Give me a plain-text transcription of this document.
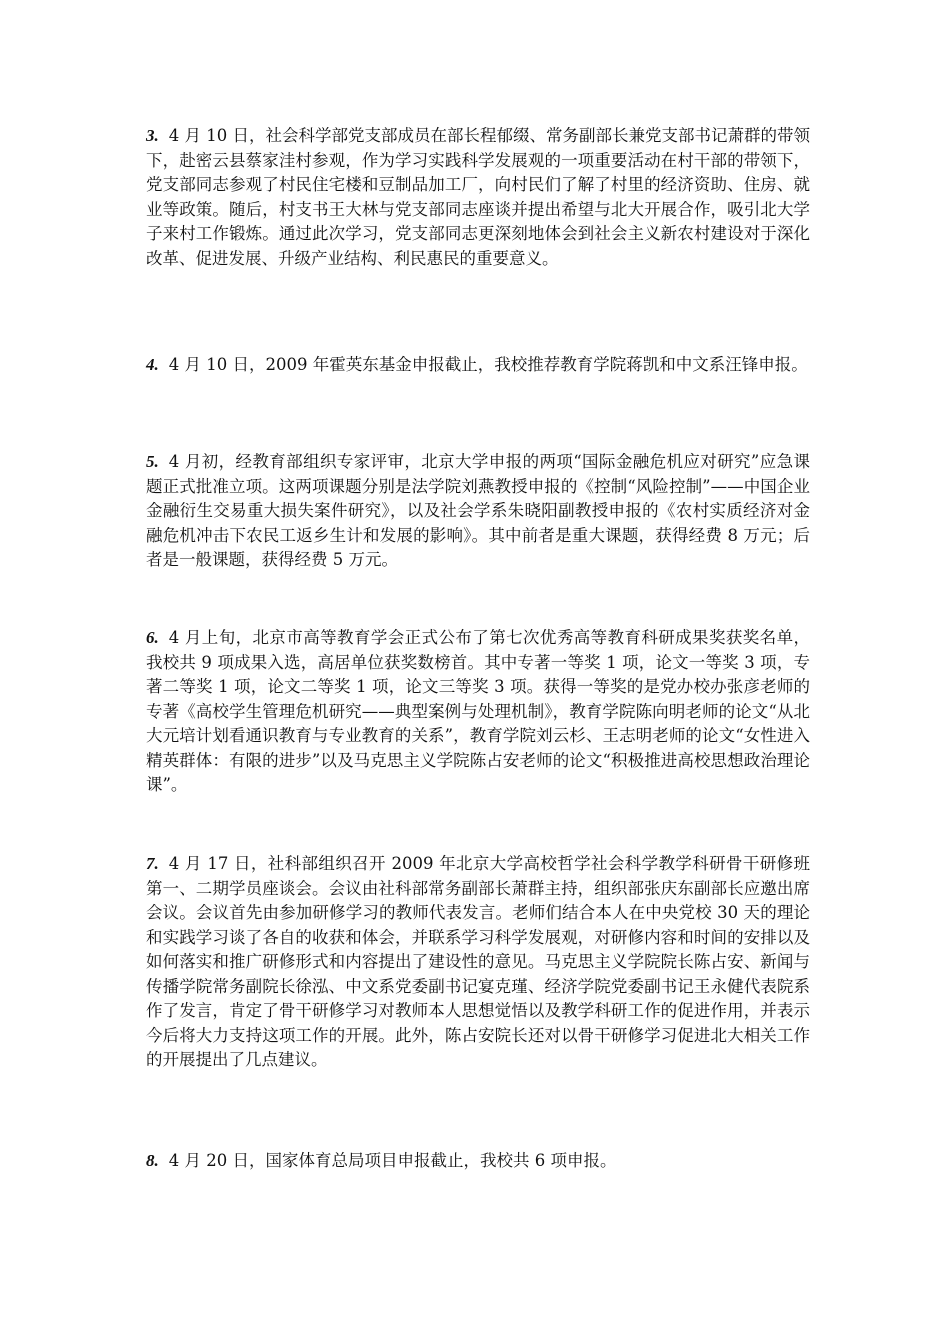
3. 4 月 10 日，社会科学部党支部成员在部长程郁缀、常务副部长兼党支部书记萧群的带领下，赴密云县蔡家洼村参观，作为学习实践科学发展观的一项重要活动在村干部的带领下，党支部同志参观了村民住宅楼和豆制品加工厂，向村民们了解了村里的经济资助、住房、就业等政策。随后，村支书王大林与党支部同志座谈并提出希望与北大开展合作，吸引北大学子来村工作锻炼。通过此次学习，党支部同志更深刻地体会到社会主义新农村建设对于深化改革、促进发展、升级产业结构、利民惠民的重要意义。

4. 4 月 10 日，2009 年霍英东基金申报截止，我校推荐教育学院蒋凯和中文系汪锋申报。

5. 4 月初，经教育部组织专家评审，北京大学申报的两项“国际金融危机应对研究”应急课题正式批准立项。这两项课题分别是法学院刘燕教授申报的《控制“风险控制”——中国企业金融衍生交易重大损失案件研究》，以及社会学系朱晓阳副教授申报的《农村实质经济对金融危机冲击下农民工返乡生计和发展的影响》。其中前者是重大课题，获得经费 8 万元；后者是一般课题，获得经费 5 万元。

6. 4 月上旬，北京市高等教育学会正式公布了第七次优秀高等教育科研成果奖获奖名单，我校共 9 项成果入选，高居单位获奖数榜首。其中专著一等奖 1 项，论文一等奖 3 项，专著二等奖 1 项，论文二等奖 1 项，论文三等奖 3 项。获得一等奖的是党办校办张彦老师的专著《高校学生管理危机研究——典型案例与处理机制》，教育学院陈向明老师的论文“从北大元培计划看通识教育与专业教育的关系”，教育学院刘云杉、王志明老师的论文“女性进入精英群体：有限的进步”以及马克思主义学院陈占安老师的论文“积极推进高校思想政治理论课”。

7. 4 月 17 日，社科部组织召开 2009 年北京大学高校哲学社会科学教学科研骨干研修班第一、二期学员座谈会。会议由社科部常务副部长萧群主持，组织部张庆东副部长应邀出席会议。会议首先由参加研修学习的教师代表发言。老师们结合本人在中央党校 30 天的理论和实践学习谈了各自的收获和体会，并联系学习科学发展观，对研修内容和时间的安排以及如何落实和推广研修形式和内容提出了建设性的意见。马克思主义学院院长陈占安、新闻与传播学院常务副院长徐泓、中文系党委副书记宴克瑾、经济学院党委副书记王永健代表院系作了发言，肯定了骨干研修学习对教师本人思想觉悟以及教学科研工作的促进作用，并表示今后将大力支持这项工作的开展。此外，陈占安院长还对以骨干研修学习促进北大相关工作的开展提出了几点建议。

8. 4 月 20 日，国家体育总局项目申报截止，我校共 6 项申报。
